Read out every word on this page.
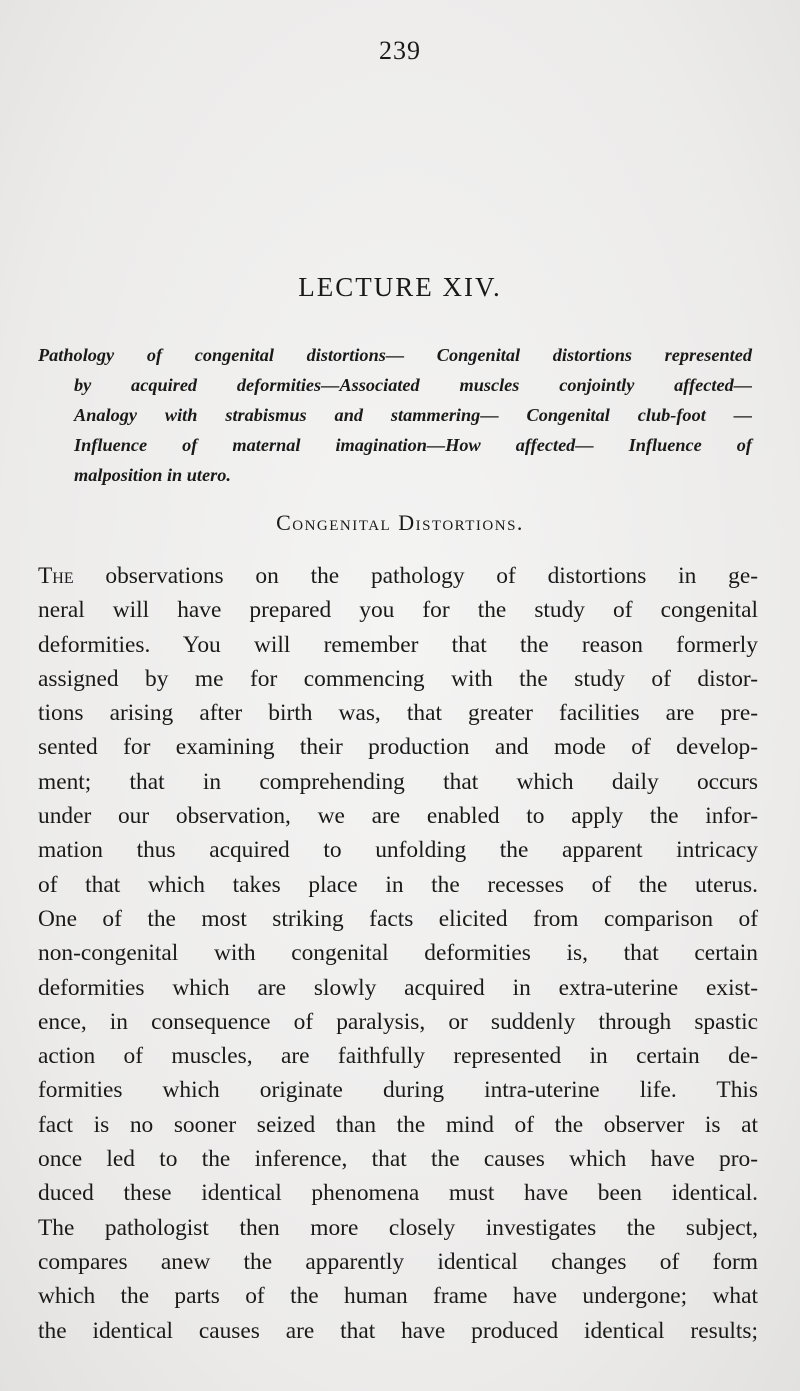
239
LECTURE XIV.
Pathology of congenital distortions— Congenital distortions represented
by acquired deformities—Associated muscles conjointly affected—
Analogy with strabismus and stammering— Congenital club-foot —
Influence of maternal imagination—How affected— Influence of
malposition in utero.
Congenital Distortions.
The observations on the pathology of distortions in ge-
neral will have prepared you for the study of congenital
deformities. You will remember that the reason formerly
assigned by me for commencing with the study of distor-
tions arising after birth was, that greater facilities are pre-
sented for examining their production and mode of develop-
ment; that in comprehending that which daily occurs
under our observation, we are enabled to apply the infor-
mation thus acquired to unfolding the apparent intricacy
of that which takes place in the recesses of the uterus.
One of the most striking facts elicited from comparison of
non-congenital with congenital deformities is, that certain
deformities which are slowly acquired in extra-uterine exist-
ence, in consequence of paralysis, or suddenly through spastic
action of muscles, are faithfully represented in certain de-
formities which originate during intra-uterine life. This
fact is no sooner seized than the mind of the observer is at
once led to the inference, that the causes which have pro-
duced these identical phenomena must have been identical.
The pathologist then more closely investigates the subject,
compares anew the apparently identical changes of form
which the parts of the human frame have undergone; what
the identical causes are that have produced identical results;
